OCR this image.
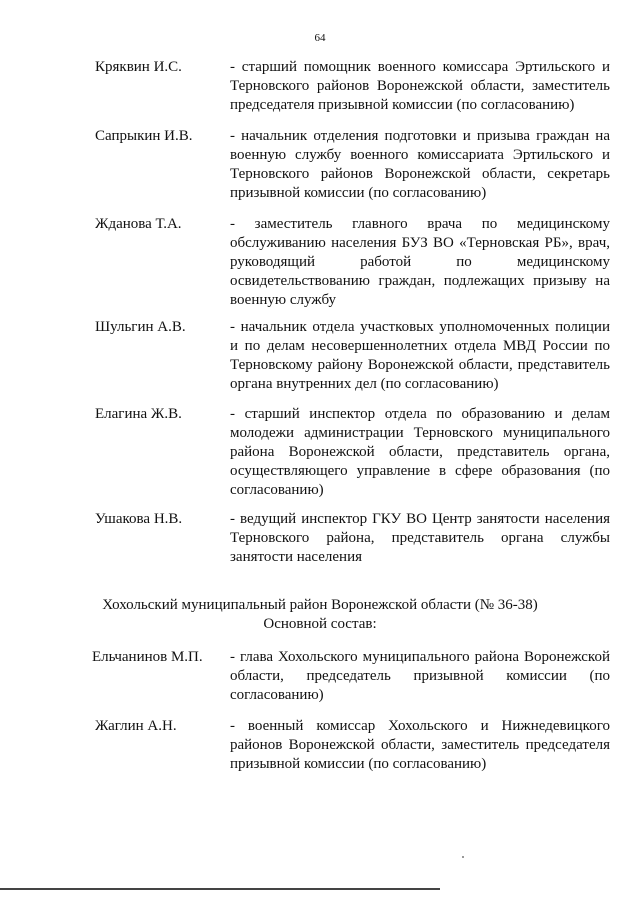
64
Кряквин И.С.	- старший помощник военного комиссара Эртильского и Терновского районов Воронежской области, заместитель председателя призывной комиссии (по согласованию)
Сапрыкин И.В.	- начальник отделения подготовки и призыва граждан на военную службу военного комиссариата Эртильского и Терновского районов Воронежской области, секретарь призывной комиссии (по согласованию)
Жданова Т.А.	- заместитель главного врача по медицинскому обслуживанию населения БУЗ ВО «Терновская РБ», врач, руководящий работой по медицинскому освидетельствованию граждан, подлежащих призыву на военную службу
Шульгин А.В.	- начальник отдела участковых уполномоченных полиции и по делам несовершеннолетних отдела МВД России по Терновскому району Воронежской области, представитель органа внутренних дел (по согласованию)
Елагина Ж.В.	- старший инспектор отдела по образованию и делам молодежи администрации Терновского муниципального района Воронежской области, представитель органа, осуществляющего управление в сфере образования (по согласованию)
Ушакова Н.В.	- ведущий инспектор ГКУ ВО Центр занятости населения Терновского района, представитель органа службы занятости населения
Хохольский муниципальный район Воронежской области (№ 36-38)
Основной состав:
Ельчанинов М.П. - глава Хохольского муниципального района Воронежской области, председатель призывной комиссии (по согласованию)
Жаглин А.Н.	- военный комиссар Хохольского и Нижнедевицкого районов Воронежской области, заместитель председателя призывной комиссии (по согласованию)
